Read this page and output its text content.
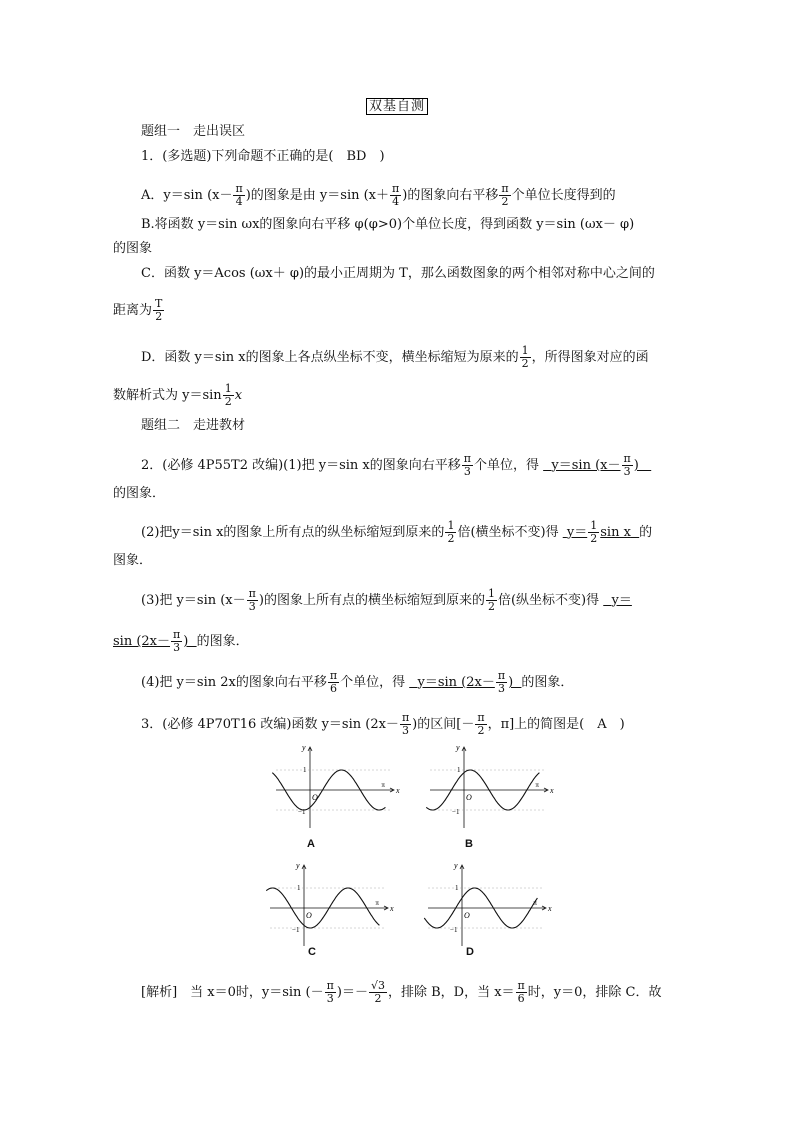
双基自测
题组一　走出误区
1．(多选题)下列命题不正确的是(　BD　)
A．y＝sin ($x- \frac{\pi}{4}$ )的图象是由 y＝sin ($x+ \frac{\pi}{4}$ )的图象向右平移 $\frac{\pi}{2}$ 个单位长度得到的
B.将函数 y＝sin ωx的图象向右平移 φ(φ>0)个单位长度，得到函数 y＝sin (ωx－ φ)
的图象
C．函数 y＝Acos (ωx＋ φ)的最小正周期为 T，那么函数图象的两个相邻对称中心之间的
距离为 $\frac{T}{2}$
D．函数 y＝sin x的图象上各点纵坐标不变，横坐标缩短为原来的 $\frac{1}{2}$ ，所得图象对应的函
数解析式为 $y=\sin \frac{1}{2}$ x
题组二　走进教材
2．(必修 4P55T2 改编)(1)把 y＝sin x的图象向右平移 $\frac{\pi}{3}$ 个单位，得 y＝sin ($x- \frac{\pi}{3}$ )
的图象．
(2)把y＝sin x的图象上所有点的纵坐标缩短到原来的 $\frac{1}{2}$ 倍(横坐标不变)得 $y= \frac{1}{2}$ sin x 的
图象．
(3)把 y＝sin ($x- \frac{\pi}{3}$ )的图象上所有点的横坐标缩短到原来的 $\frac{1}{2}$ 倍(纵坐标不变)得 y＝
$\sin (2x- \frac{\pi}{3}$ )  的图象．
(4)把 y＝sin 2x的图象向右平移 $\frac{\pi}{6}$ 个单位，得 y＝sin ($2x- \frac{\pi}{3}$ )  的图象．
3．(必修 4P70T16 改编)函数 y＝sin ($2x- \frac{\pi}{3}$ )的区间[－ $\frac{\pi}{2}$ ，π]上的简图是(　A　)
x
y
1
−1
O
π
A
x
y
1
−1
O
π
B
x
y
1
−1
O
π
C
x
y
1
−1
O
π
D
[解析]　当 x＝0时，y＝sin (－ $\frac{\pi}{3}$ )＝－ $\frac{√3}{2}$ ，排除 B，D，当 $x= \frac{\pi}{6}$ 时，y＝0，排除 C．故
